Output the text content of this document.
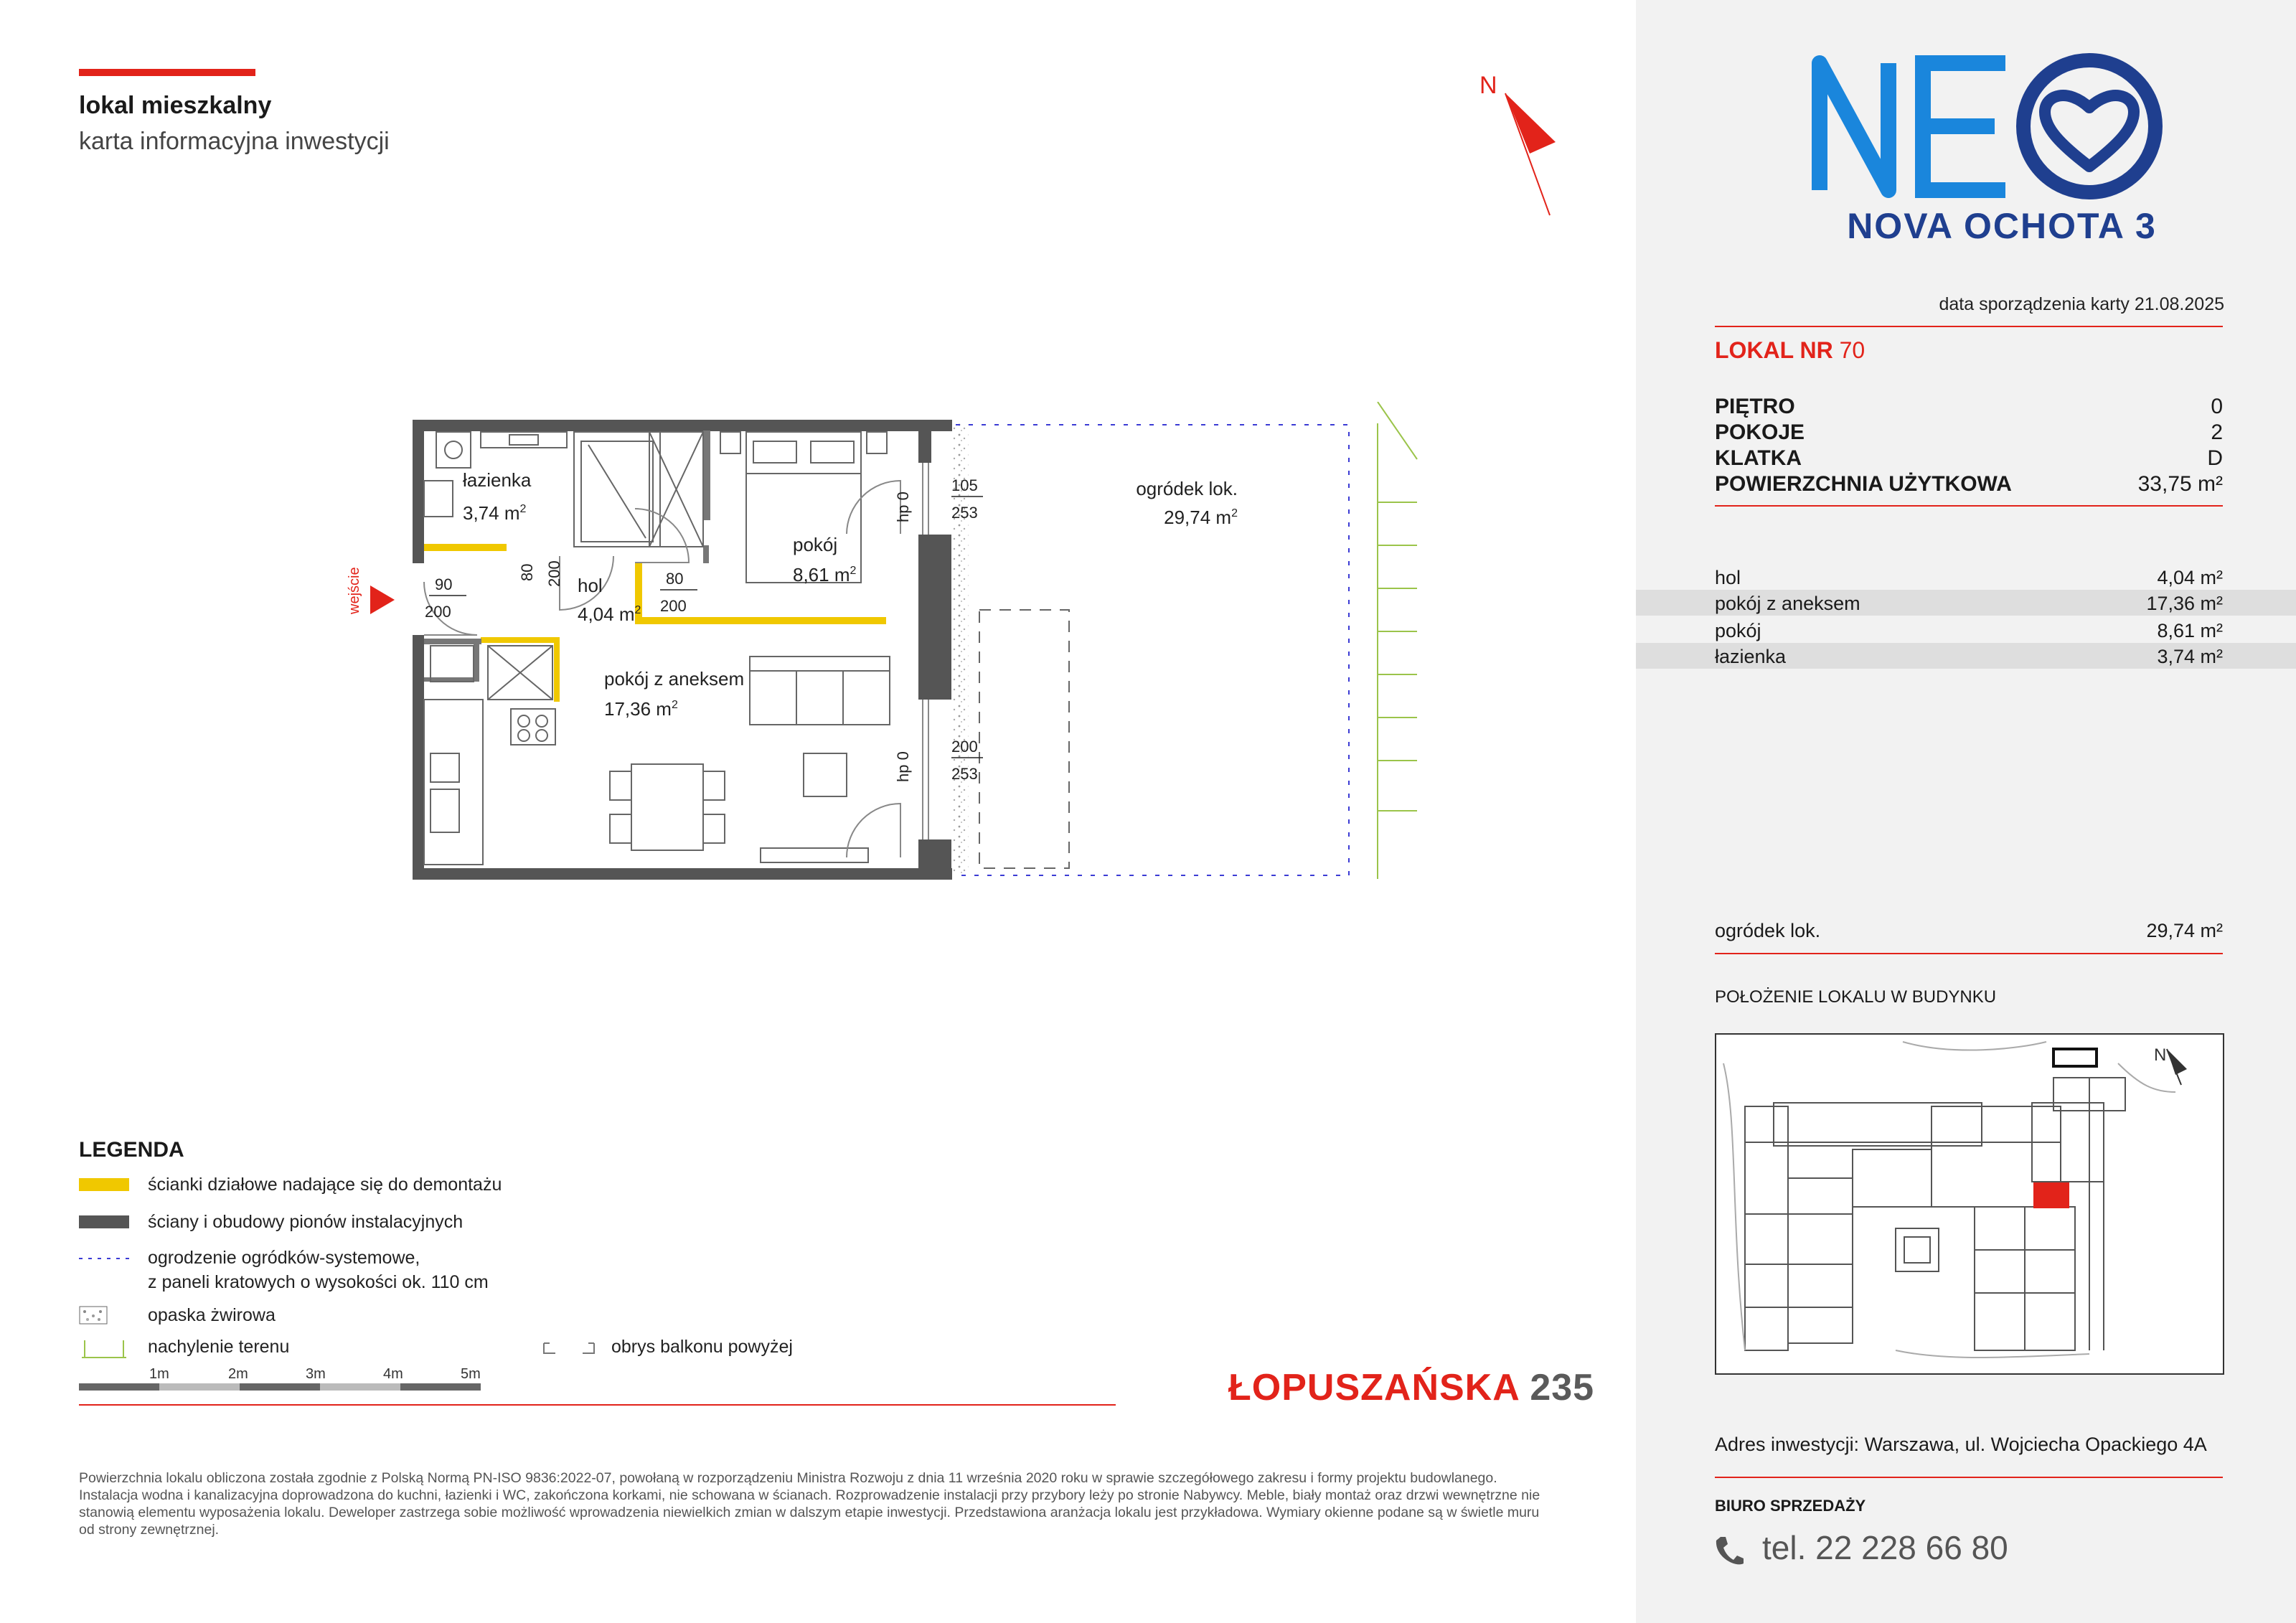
lokal mieszkalny
karta informacyjna inwestycji
N
ogródek lok.
29,74 $m^2$
wejście
łazienka
3,74 $m^2$
hol
4,04 $m^2$
pokój
8,61 $m^2$
pokój z aneksem
17,36 $m^2$
90
200
80 200	80
200
105
253
hp 0
200
253
hp 0
LEGENDA
ścianki działowe nadające się do demontażu
ściany i obudowy pionów instalacyjnych
ogrodzenie ogródków-systemowe,
z paneli kratowych o wysokości ok. 110 cm
opaska żwirowa
nachylenie terenu	obrys balkonu powyżej
1m	2m	3m	4m	5m	ŁOPUSZAŃSKA 235
Powierzchnia lokalu obliczona została zgodnie z Polską Normą PN-ISO 9836:2022-07, powołaną w rozporządzeniu Ministra Rozwoju z dnia 11 września 2020 roku w sprawie szczegółowego zakresu i formy projektu budowlanego. Instalacja wodna i kanalizacyjna doprowadzona do kuchni, łazienki i WC, zakończona korkami, nie schowana w ścianach. Rozprowadzenie instalacji przy przybory leży po stronie Nabywcy. Meble, biały montaż oraz drzwi wewnętrzne nie stanowią elementu wyposażenia lokalu. Deweloper zastrzega sobie możliwość wprowadzenia niewielkich zmian w dalszym etapie inwestycji. Przedstawiona aranżacja lokalu jest przykładowa. Wymiary okienne podane są w świetle muru od strony zewnętrznej.
NOVA OCHOTA 3
data sporządzenia karty 21.08.2025
LOKAL NR 70
PIĘTRO	0
POKOJE	2
KLATKA	D
POWIERZCHNIA UŻYTKOWA	33,75 m²
hol	4,04 m²
pokój z aneksem	17,36 m²
pokój	8,61 m²
łazienka	3,74 m²
ogródek lok.	29,74 m²
POŁOŻENIE LOKALU W BUDYNKU
N
Adres inwestycji: Warszawa, ul. Wojciecha Opackiego 4A
BIURO SPRZEDAŻY
tel. 22 228 66 80
